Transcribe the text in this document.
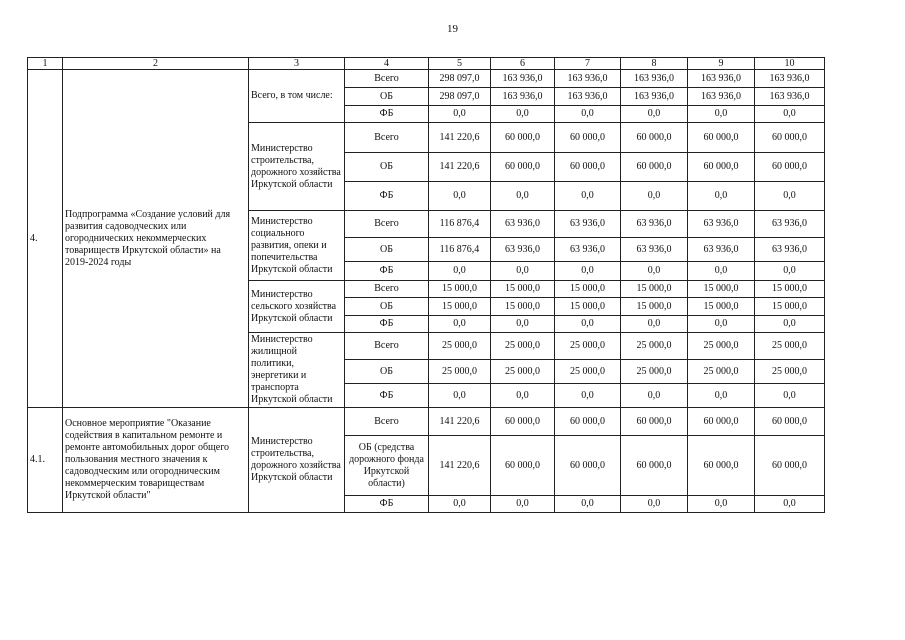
19
1	2	3	4	5	6	7	8	9	10
4.	Подпрограмма «Создание условий для развития садоводческих или огороднических некоммерческих товариществ Иркутской области» на 2019-2024 годы	Всего, в том числе:	Всего	298 097,0	163 936,0	163 936,0	163 936,0	163 936,0	163 936,0
			ОБ	298 097,0	163 936,0	163 936,0	163 936,0	163 936,0	163 936,0
			ФБ	0,0	0,0	0,0	0,0	0,0	0,0
		Министерство строительства, дорожного хозяйства Иркутской области	Всего	141 220,6	60 000,0	60 000,0	60 000,0	60 000,0	60 000,0
			ОБ	141 220,6	60 000,0	60 000,0	60 000,0	60 000,0	60 000,0
			ФБ	0,0	0,0	0,0	0,0	0,0	0,0
		Министерство социального развития, опеки и попечительства Иркутской области	Всего	116 876,4	63 936,0	63 936,0	63 936,0	63 936,0	63 936,0
			ОБ	116 876,4	63 936,0	63 936,0	63 936,0	63 936,0	63 936,0
			ФБ	0,0	0,0	0,0	0,0	0,0	0,0
		Министерство сельского хозяйства Иркутской области	Всего	15 000,0	15 000,0	15 000,0	15 000,0	15 000,0	15 000,0
			ОБ	15 000,0	15 000,0	15 000,0	15 000,0	15 000,0	15 000,0
			ФБ	0,0	0,0	0,0	0,0	0,0	0,0
		Министерство жилищной политики, энергетики и транспорта Иркутской области	Всего	25 000,0	25 000,0	25 000,0	25 000,0	25 000,0	25 000,0
			ОБ	25 000,0	25 000,0	25 000,0	25 000,0	25 000,0	25 000,0
			ФБ	0,0	0,0	0,0	0,0	0,0	0,0
4.1.	Основное мероприятие "Оказание содействия в капитальном ремонте и ремонте автомобильных дорог общего пользования местного значения к садоводческим или огородническим некоммерческим товариществам Иркутской области"	Министерство строительства, дорожного хозяйства Иркутской области	Всего	141 220,6	60 000,0	60 000,0	60 000,0	60 000,0	60 000,0
			ОБ (средства дорожного фонда Иркутской области)	141 220,6	60 000,0	60 000,0	60 000,0	60 000,0	60 000,0
			ФБ	0,0	0,0	0,0	0,0	0,0	0,0
